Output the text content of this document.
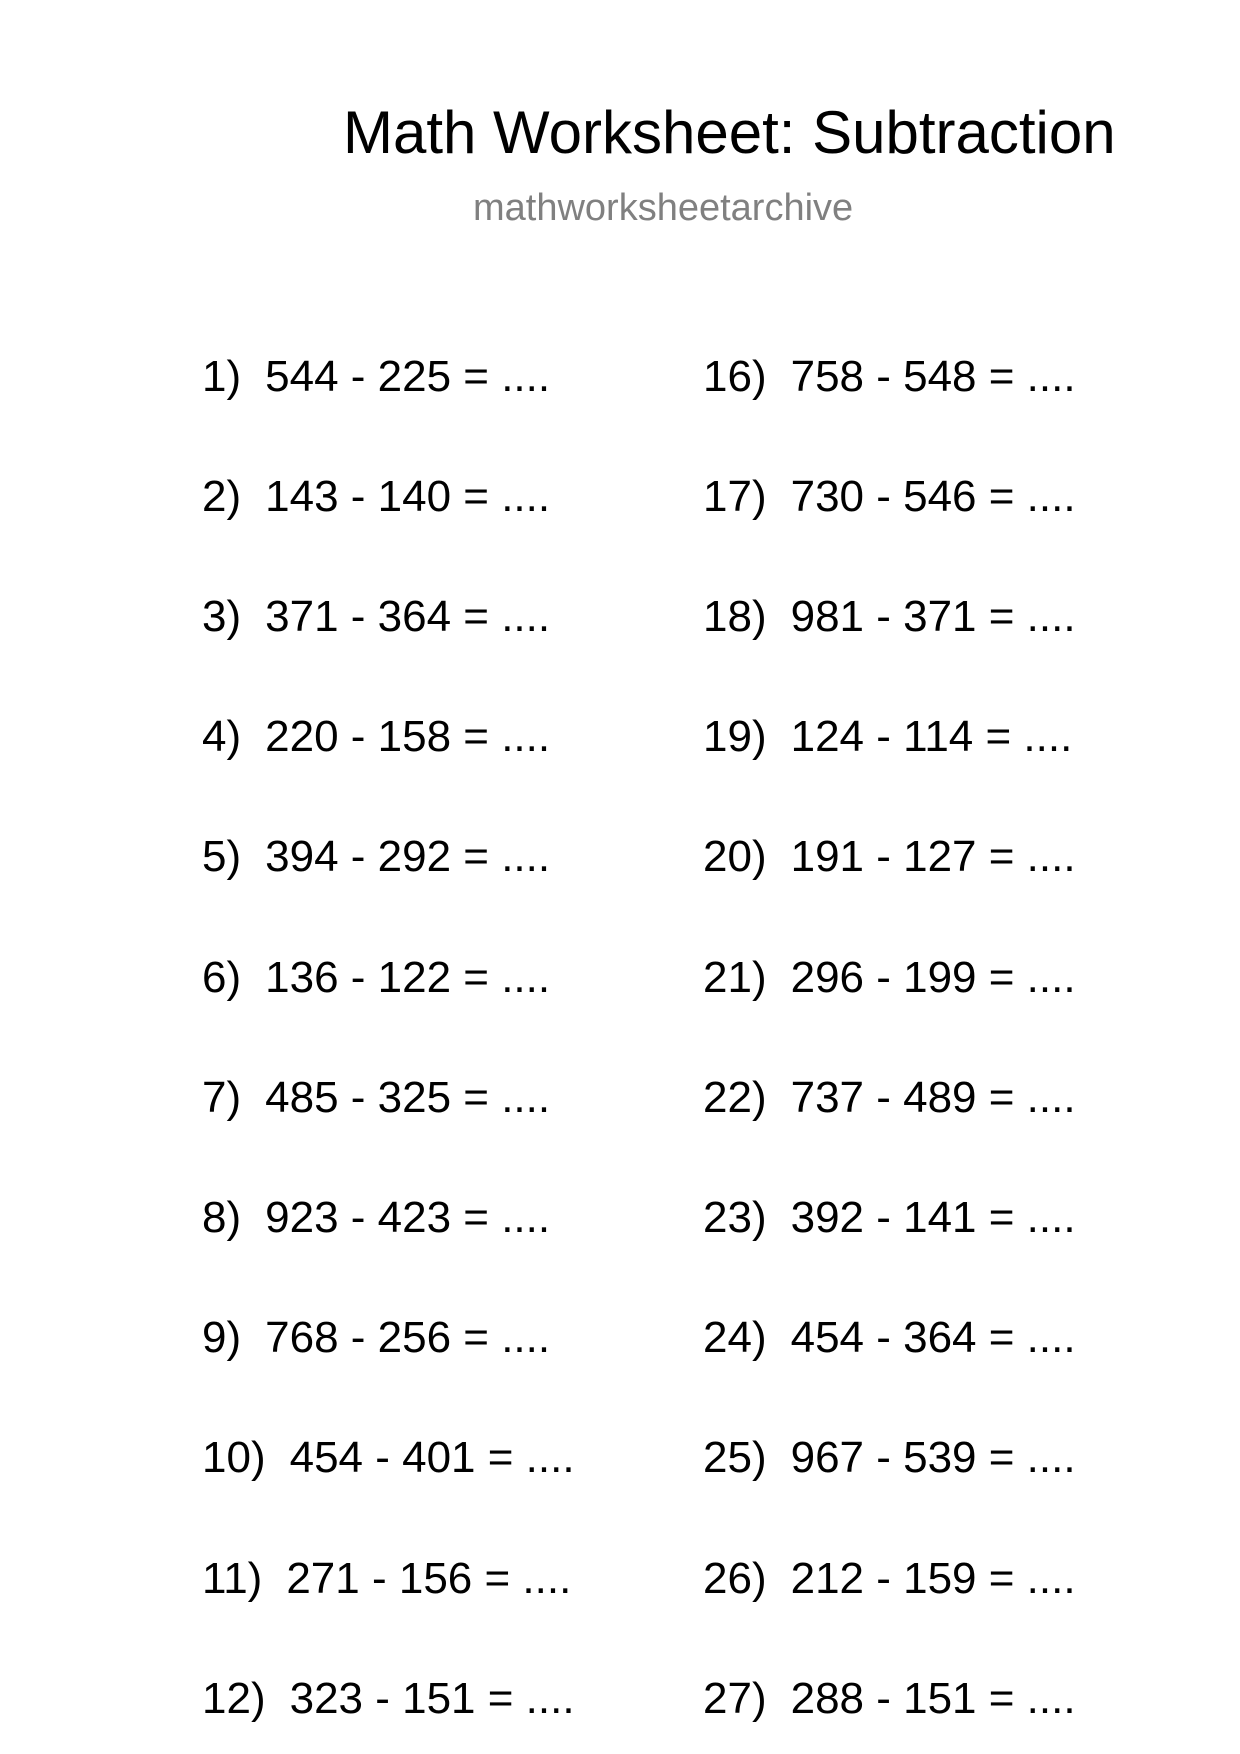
Math Worksheet: Subtraction
mathworksheetarchive
1) 544 - 225 = ....
2) 143 - 140 = ....
3) 371 - 364 = ....
4) 220 - 158 = ....
5) 394 - 292 = ....
6) 136 - 122 = ....
7) 485 - 325 = ....
8) 923 - 423 = ....
9) 768 - 256 = ....
10) 454 - 401 = ....
11) 271 - 156 = ....
12) 323 - 151 = ....
16) 758 - 548 = ....
17) 730 - 546 = ....
18) 981 - 371 = ....
19) 124 - 114 = ....
20) 191 - 127 = ....
21) 296 - 199 = ....
22) 737 - 489 = ....
23) 392 - 141 = ....
24) 454 - 364 = ....
25) 967 - 539 = ....
26) 212 - 159 = ....
27) 288 - 151 = ....
